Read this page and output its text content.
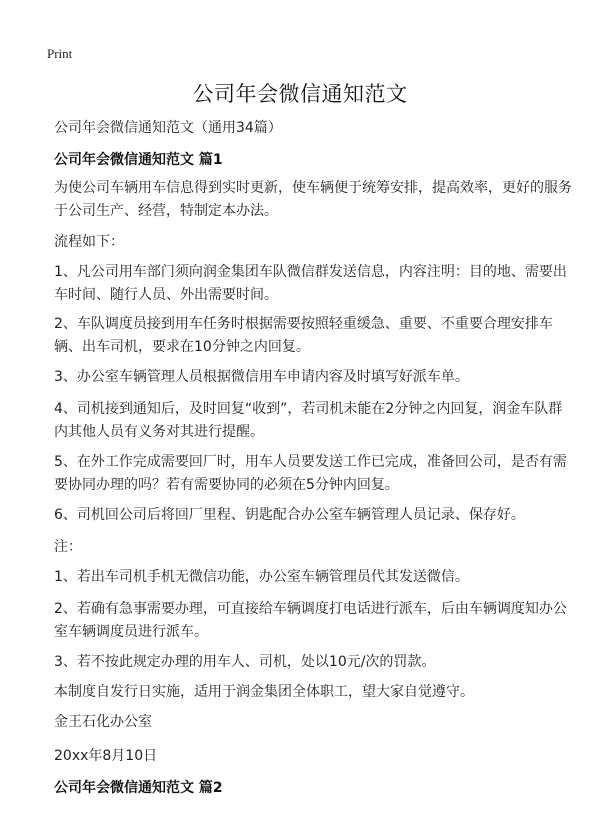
Print
公司年会微信通知范文
公司年会微信通知范文（通用34篇）
公司年会微信通知范文 篇1
为使公司车辆用车信息得到实时更新，使车辆便于统筹安排，提高效率，更好的服务于公司生产、经营，特制定本办法。
流程如下：
1、凡公司用车部门须向润金集团车队微信群发送信息，内容注明：目的地、需要出车时间、随行人员、外出需要时间。
2、车队调度员接到用车任务时根据需要按照轻重缓急、重要、不重要合理安排车辆、出车司机，要求在10分钟之内回复。
3、办公室车辆管理人员根据微信用车申请内容及时填写好派车单。
4、司机接到通知后，及时回复“收到”，若司机未能在2分钟之内回复，润金车队群内其他人员有义务对其进行提醒。
5、在外工作完成需要回厂时，用车人员要发送工作已完成，准备回公司，是否有需要协同办理的吗？若有需要协同的必须在5分钟内回复。
6、司机回公司后将回厂里程、钥匙配合办公室车辆管理人员记录、保存好。
注：
1、若出车司机手机无微信功能，办公室车辆管理员代其发送微信。
2、若确有急事需要办理，可直接给车辆调度打电话进行派车，后由车辆调度知办公室车辆调度员进行派车。
3、若不按此规定办理的用车人、司机，处以10元/次的罚款。
本制度自发行日实施，适用于润金集团全体职工，望大家自觉遵守。
金王石化办公室
20xx年8月10日
公司年会微信通知范文 篇2
